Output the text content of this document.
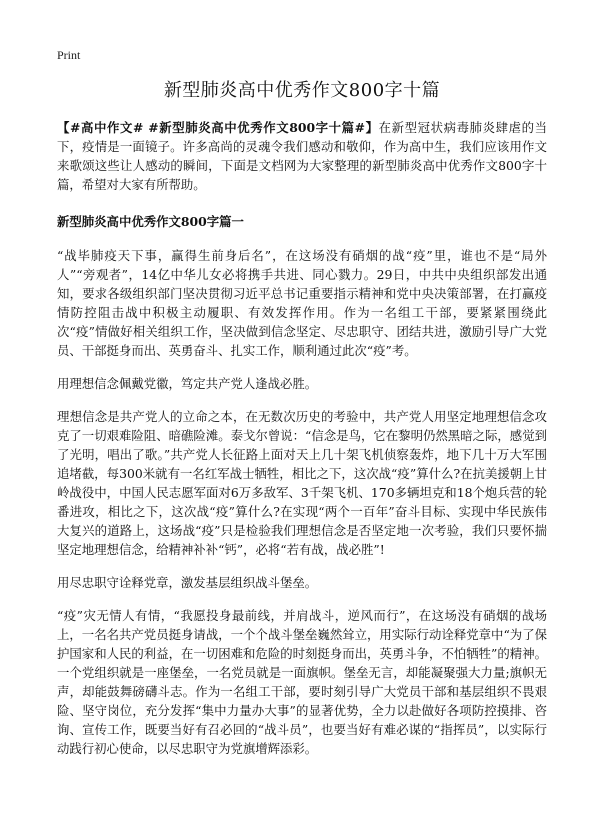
Print
新型肺炎高中优秀作文800字十篇

【#高中作文# #新型肺炎高中优秀作文800字十篇#】在新型冠状病毒肺炎肆虐的当下，疫情是一面镜子。许多高尚的灵魂令我们感动和敬仰，作为高中生，我们应该用作文来歌颂这些让人感动的瞬间，下面是文档网为大家整理的新型肺炎高中优秀作文800字十篇，希望对大家有所帮助。

新型肺炎高中优秀作文800字篇一

“战毕肺疫天下事，赢得生前身后名”，在这场没有硝烟的战“疫”里，谁也不是“局外人”“旁观者”，14亿中华儿女必将携手共进、同心戮力。29日，中共中央组织部发出通知，要求各级组织部门坚决贯彻习近平总书记重要指示精神和党中央决策部署，在打赢疫情防控阻击战中积极主动履职、有效发挥作用。作为一名组工干部，要紧紧围绕此次“疫”情做好相关组织工作，坚决做到信念坚定、尽忠职守、团结共进，激励引导广大党员、干部挺身而出、英勇奋斗、扎实工作，顺利通过此次“疫”考。

用理想信念佩戴党徽，笃定共产党人逢战必胜。

理想信念是共产党人的立命之本，在无数次历史的考验中，共产党人用坚定地理想信念攻克了一切艰难险阻、暗礁险滩。泰戈尔曾说：“信念是鸟，它在黎明仍然黑暗之际，感觉到了光明，唱出了歌。”共产党人长征路上面对天上几十架飞机侦察轰炸，地下几十万大军围追堵截，每300米就有一名红军战士牺牲，相比之下，这次战“疫”算什么?在抗美援朝上甘岭战役中，中国人民志愿军面对6万多敌军、3千架飞机、170多辆坦克和18个炮兵营的轮番进攻，相比之下，这次战“疫”算什么?在实现“两个一百年”奋斗目标、实现中华民族伟大复兴的道路上，这场战“疫”只是检验我们理想信念是否坚定地一次考验，我们只要怀揣坚定地理想信念，给精神补补“钙”，必将“若有战，战必胜”!

用尽忠职守诠释党章，激发基层组织战斗堡垒。

“疫”灾无情人有情，“我愿投身最前线，并肩战斗，逆风而行”，在这场没有硝烟的战场上，一名名共产党员挺身请战，一个个战斗堡垒巍然耸立，用实际行动诠释党章中“为了保护国家和人民的利益，在一切困难和危险的时刻挺身而出，英勇斗争，不怕牺牲”的精神。一个党组织就是一座堡垒，一名党员就是一面旗帜。堡垒无言，却能凝聚强大力量;旗帜无声，却能鼓舞磅礴斗志。作为一名组工干部，要时刻引导广大党员干部和基层组织不畏艰险、坚守岗位，充分发挥“集中力量办大事”的显著优势，全力以赴做好各项防控摸排、咨询、宣传工作，既要当好有召必回的“战斗员”，也要当好有难必谋的“指挥员”，以实际行动践行初心使命，以尽忠职守为党旗增辉添彩。
